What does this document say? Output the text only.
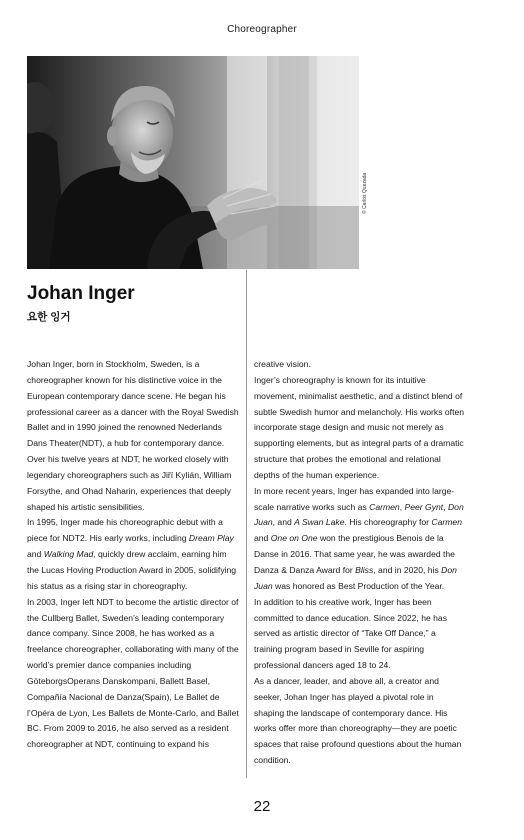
Choreographer
© Carlos Quezada
Johan Inger
요한 잉거

Johan Inger, born in Stockholm, Sweden, is a choreographer known for his distinctive voice in the European contemporary dance scene. He began his professional career as a dancer with the Royal Swedish Ballet and in 1990 joined the renowned Nederlands Dans Theater(NDT), a hub for contemporary dance. Over his twelve years at NDT, he worked closely with legendary choreographers such as Jiří Kylián, William Forsythe, and Ohad Naharin, experiences that deeply shaped his artistic sensibilities.

In 1995, Inger made his choreographic debut with a piece for NDT2. His early works, including Dream Play and Walking Mad, quickly drew acclaim, earning him the Lucas Hoving Production Award in 2005, solidifying his status as a rising star in choreography.

In 2003, Inger left NDT to become the artistic director of the Cullberg Ballet, Sweden’s leading contemporary dance company. Since 2008, he has worked as a freelance choreographer, collaborating with many of the world’s premier dance companies including GöteborgsOperans Danskompani, Ballett Basel, Compañía Nacional de Danza(Spain), Le Ballet de l’Opéra de Lyon, Les Ballets de Monte-Carlo, and Ballet BC. From 2009 to 2016, he also served as a resident choreographer at NDT, continuing to expand his

creative vision.

Inger’s choreography is known for its intuitive movement, minimalist aesthetic, and a distinct blend of subtle Swedish humor and melancholy. His works often incorporate stage design and music not merely as supporting elements, but as integral parts of a dramatic structure that probes the emotional and relational depths of the human experience.

In more recent years, Inger has expanded into large-scale narrative works such as Carmen, Peer Gynt, Don Juan, and A Swan Lake. His choreography for Carmen and One on One won the prestigious Benois de la Danse in 2016. That same year, he was awarded the Danza & Danza Award for Bliss, and in 2020, his Don Juan was honored as Best Production of the Year.

In addition to his creative work, Inger has been committed to dance education. Since 2022, he has served as artistic director of “Take Off Dance,” a training program based in Seville for aspiring professional dancers aged 18 to 24.

As a dancer, leader, and above all, a creator and seeker, Johan Inger has played a pivotal role in shaping the landscape of contemporary dance. His works offer more than choreography—they are poetic spaces that raise profound questions about the human condition.

22
